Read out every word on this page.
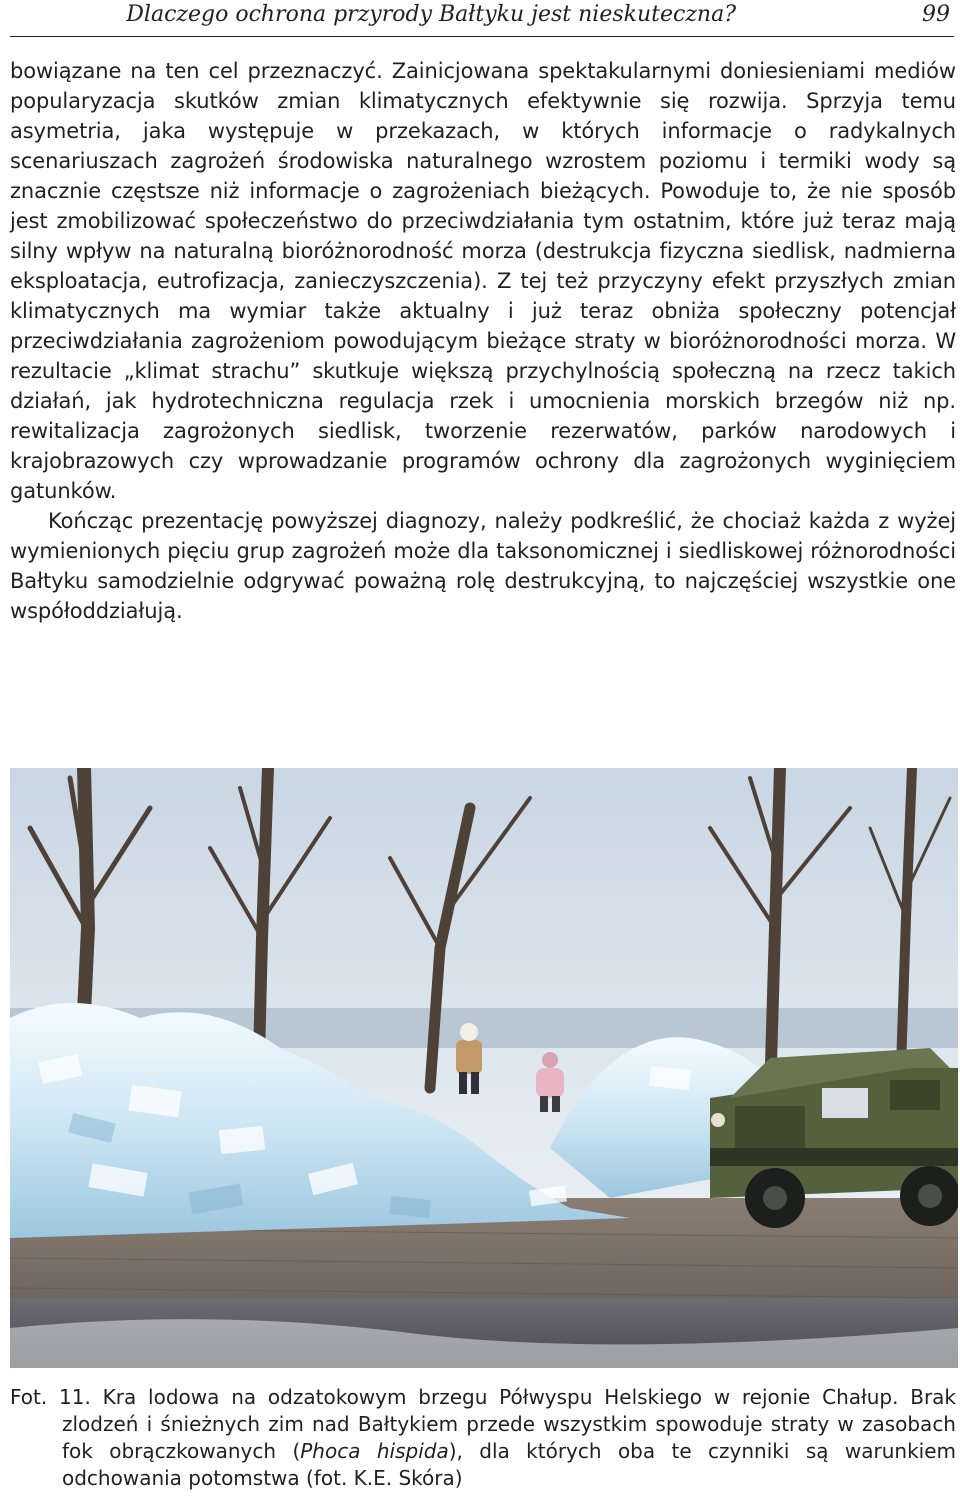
Dlaczego ochrona przyrody Bałtyku jest nieskuteczna?	99

bowiązane na ten cel przeznaczyć. Zainicjowana spektakularnymi doniesieniami mediów popularyzacja skutków zmian klimatycznych efektywnie się rozwija. Sprzyja temu asymetria, jaka występuje w przekazach, w których informacje o radykalnych scenariuszach zagrożeń środowiska naturalnego wzrostem poziomu i termiki wody są znacznie częstsze niż informacje o zagrożeniach bieżących. Powoduje to, że nie sposób jest zmobilizować społeczeństwo do przeciwdziałania tym ostatnim, które już teraz mają silny wpływ na naturalną bioróżnorodność morza (destrukcja fizyczna siedlisk, nadmierna eksploatacja, eutrofizacja, zanieczyszczenia). Z tej też przyczyny efekt przyszłych zmian klimatycznych ma wymiar także aktualny i już teraz obniża społeczny potencjał przeciwdziałania zagrożeniom powodującym bieżące straty w bioróżnorodności morza. W rezultacie „klimat strachu” skutkuje większą przychylnością społeczną na rzecz takich działań, jak hydrotechniczna regulacja rzek i umocnienia morskich brzegów niż np. rewitalizacja zagrożonych siedlisk, tworzenie rezerwatów, parków narodowych i krajobrazowych czy wprowadzanie programów ochrony dla zagrożonych wyginięciem gatunków.

Kończąc prezentację powyższej diagnozy, należy podkreślić, że chociaż każda z wyżej wymienionych pięciu grup zagrożeń może dla taksonomicznej i siedliskowej różnorodności Bałtyku samodzielnie odgrywać poważną rolę destrukcyjną, to najczęściej wszystkie one współoddziałują.

Fot. 11. Kra lodowa na odzatokowym brzegu Półwyspu Helskiego w rejonie Chałup. Brak zlodzeń i śnieżnych zim nad Bałtykiem przede wszystkim spowoduje straty w zasobach fok obrączkowanych (Phoca hispida), dla których oba te czynniki są warunkiem odchowania potomstwa (fot. K.E. Skóra)
